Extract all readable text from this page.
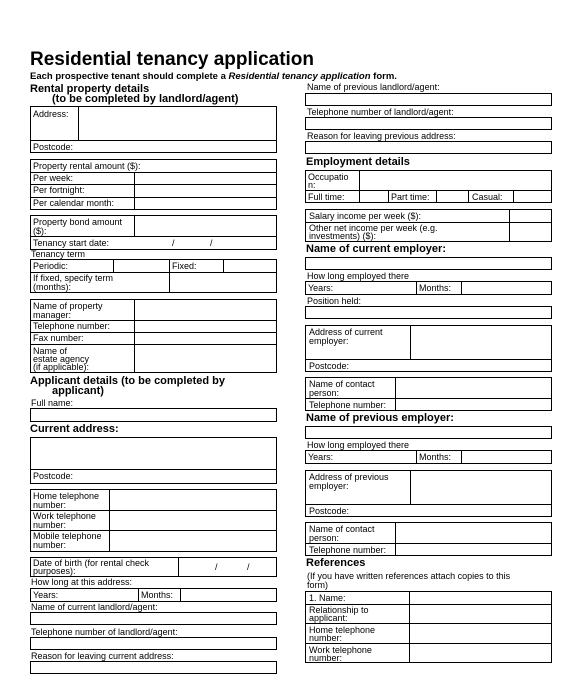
Residential tenancy application
Each prospective tenant should complete a Residential tenancy application form.
Rental property details
(to be completed by landlord/agent)
Address:
Postcode:
Property rental amount ($):
Per week:
Per fortnight:
Per calendar month:
Property bond amount
($):
Tenancy start date:	/	/
Tenancy term
Periodic:	Fixed:
If fixed, specify term
(months):
Name of property
manager:
Telephone number:
Fax number:
Name of
estate agency
(if applicable):
Applicant details (to be completed by
applicant)
Full name:
Current address:
Postcode:
Home telephone
number:
Work telephone
number:
Mobile telephone
number:
Date of birth (for rental check
purposes):	/	/
How long at this address:
Years:	Months:
Name of current landlord/agent:
Telephone number of landlord/agent:
Reason for leaving current address:
Name of previous landlord/agent:
Telephone number of landlord/agent:
Reason for leaving previous address:
Employment details
Occupatio
n:
Full time:	Part time:	Casual:
Salary income per week ($):
Other net income per week (e.g.
investments) ($):
Name of current employer:
How long employed there
Years:	Months:
Position held:
Address of current
employer:
Postcode:
Name of contact
person:
Telephone number:
Name of previous employer:
How long employed there
Years:	Months:
Address of previous
employer:
Postcode:
Name of contact
person:
Telephone number:
References
(If you have written references attach copies to this
form)
1. Name:
Relationship to
applicant:
Home telephone
number:
Work telephone
number:
